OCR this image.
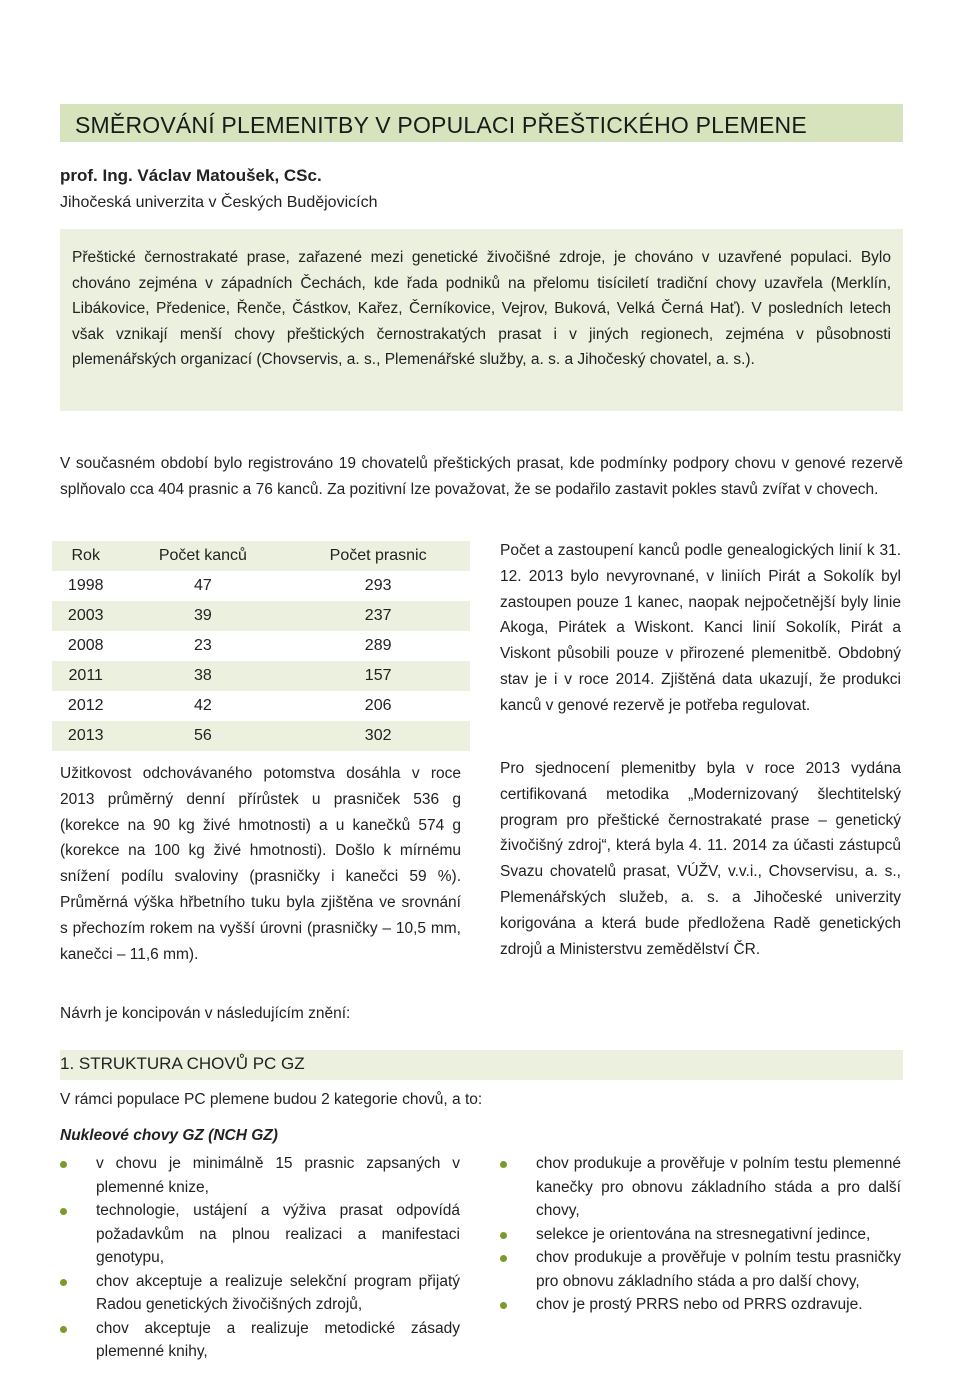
SMĚROVÁNÍ PLEMENITBY V POPULACI PŘEŠTICKÉHO PLEMENE
prof. Ing. Václav Matoušek, CSc.
Jihočeská univerzita v Českých Budějovicích

Přeštické černostrakaté prase, zařazené mezi genetické živočišné zdroje, je chováno v uzavřené populaci. Bylo chováno zejména v západních Čechách, kde řada podniků na přelomu tisíciletí tradiční chovy uzavřela (Merklín, Libákovice, Předenice, Řenče, Částkov, Kařez, Černíkovice, Vejrov, Buková, Velká Černá Hať). V posledních letech však vznikají menší chovy přeštických černostrakatých prasat i v jiných regionech, zejména v působnosti plemenářských organizací (Chovservis, a. s., Plemenářské služby, a. s. a Jihočeský chovatel, a. s.).

V současném období bylo registrováno 19 chovatelů přeštických prasat, kde podmínky podpory chovu v genové rezervě splňovalo cca 404 prasnic a 76 kanců. Za pozitivní lze považovat, že se podařilo zastavit pokles stavů zvířat v chovech.

Rok	Počet kanců	Počet prasnic
1998	47	293
2003	39	237
2008	23	289
2011	38	157
2012	42	206
2013	56	302

Užitkovost odchovávaného potomstva dosáhla v roce 2013 průměrný denní přírůstek u prasniček 536 g (korekce na 90 kg živé hmotnosti) a u kanečků 574 g (korekce na 100 kg živé hmotnosti). Došlo k mírnému snížení podílu svaloviny (prasničky i kanečci 59 %). Průměrná výška hřbetního tuku byla zjištěna ve srovnání s přechozím rokem na vyšší úrovni (prasničky – 10,5 mm, kanečci – 11,6 mm).

Počet a zastoupení kanců podle genealogických linií k 31. 12. 2013 bylo nevyrovnané, v liniích Pirát a Sokolík byl zastoupen pouze 1 kanec, naopak nejpočetnější byly linie Akoga, Pirátek a Wiskont. Kanci linií Sokolík, Pirát a Viskont působili pouze v přirozené plemenitbě. Obdobný stav je i v roce 2014. Zjištěná data ukazují, že produkci kanců v genové rezervě je potřeba regulovat.

Pro sjednocení plemenitby byla v roce 2013 vydána certifikovaná metodika „Modernizovaný šlechtitelský program pro přeštické černostrakaté prase – genetický živočišný zdroj“, která byla 4. 11. 2014 za účasti zástupců Svazu chovatelů prasat, VÚŽV, v.v.i., Chovservisu, a. s., Plemenářských služeb, a. s. a Jihočeské univerzity korigována a která bude předložena Radě genetických zdrojů a Ministerstvu zemědělství ČR.

Návrh je koncipován v následujícím znění:
1. STRUKTURA CHOVŮ PC GZ
V rámci populace PC plemene budou 2 kategorie chovů, a to:
Nukleové chovy GZ (NCH GZ)
v chovu je minimálně 15 prasnic zapsaných v plemenné knize,
technologie, ustájení a výživa prasat odpovídá požadavkům na plnou realizaci a manifestaci genotypu,
chov akceptuje a realizuje selekční program přijatý Radou genetických živočišných zdrojů,
chov akceptuje a realizuje metodické zásady plemenné knihy,
chov produkuje a prověřuje v polním testu plemenné kanečky pro obnovu základního stáda a pro další chovy,
selekce je orientována na stresnegativní jedince,
chov produkuje a prověřuje v polním testu prasničky pro obnovu základního stáda a pro další chovy,
chov je prostý PRRS nebo od PRRS ozdravuje.
